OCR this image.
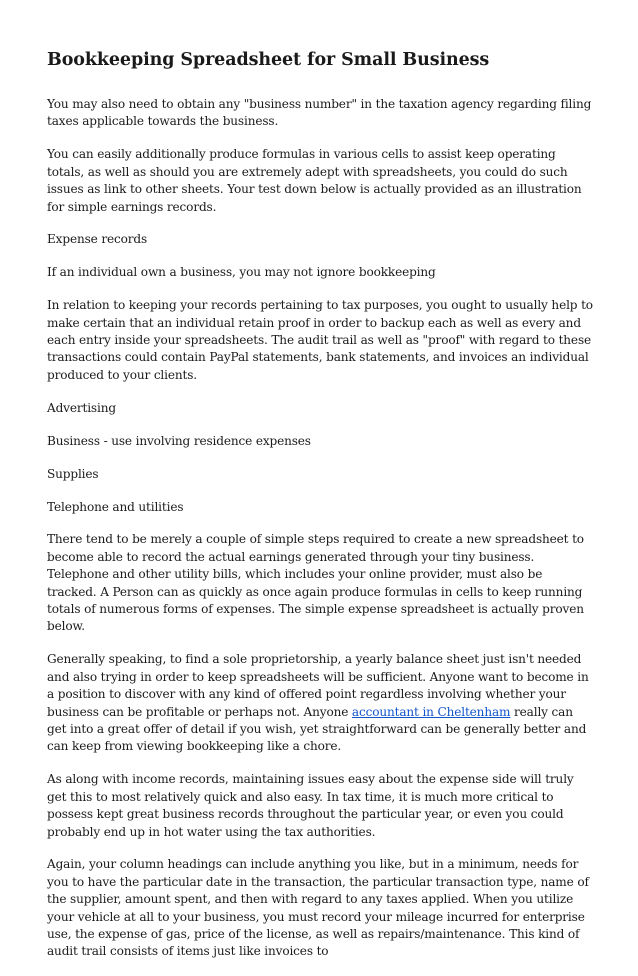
Bookkeeping Spreadsheet for Small Business

You may also need to obtain any "business number" in the taxation agency regarding filing taxes applicable towards the business.

You can easily additionally produce formulas in various cells to assist keep operating totals, as well as should you are extremely adept with spreadsheets, you could do such issues as link to other sheets. Your test down below is actually provided as an illustration for simple earnings records.

Expense records

If an individual own a business, you may not ignore bookkeeping

In relation to keeping your records pertaining to tax purposes, you ought to usually help to make certain that an individual retain proof in order to backup each as well as every and each entry inside your spreadsheets. The audit trail as well as "proof" with regard to these transactions could contain PayPal statements, bank statements, and invoices an individual produced to your clients.

Advertising

Business - use involving residence expenses

Supplies

Telephone and utilities

There tend to be merely a couple of simple steps required to create a new spreadsheet to become able to record the actual earnings generated through your tiny business. Telephone and other utility bills, which includes your online provider, must also be tracked. A Person can as quickly as once again produce formulas in cells to keep running totals of numerous forms of expenses. The simple expense spreadsheet is actually proven below.

Generally speaking, to find a sole proprietorship, a yearly balance sheet just isn't needed and also trying in order to keep spreadsheets will be sufficient. Anyone want to become in a position to discover with any kind of offered point regardless involving whether your business can be profitable or perhaps not. Anyone accountant in Cheltenham really can get into a great offer of detail if you wish, yet straightforward can be generally better and can keep from viewing bookkeeping like a chore.

As along with income records, maintaining issues easy about the expense side will truly get this to most relatively quick and also easy. In tax time, it is much more critical to possess kept great business records throughout the particular year, or even you could probably end up in hot water using the tax authorities.

Again, your column headings can include anything you like, but in a minimum, needs for you to have the particular date in the transaction, the particular transaction type, name of the supplier, amount spent, and then with regard to any taxes applied. When you utilize your vehicle at all to your business, you must record your mileage incurred for enterprise use, the expense of gas, price of the license, as well as repairs/maintenance. This kind of audit trail consists of items just like invoices to
